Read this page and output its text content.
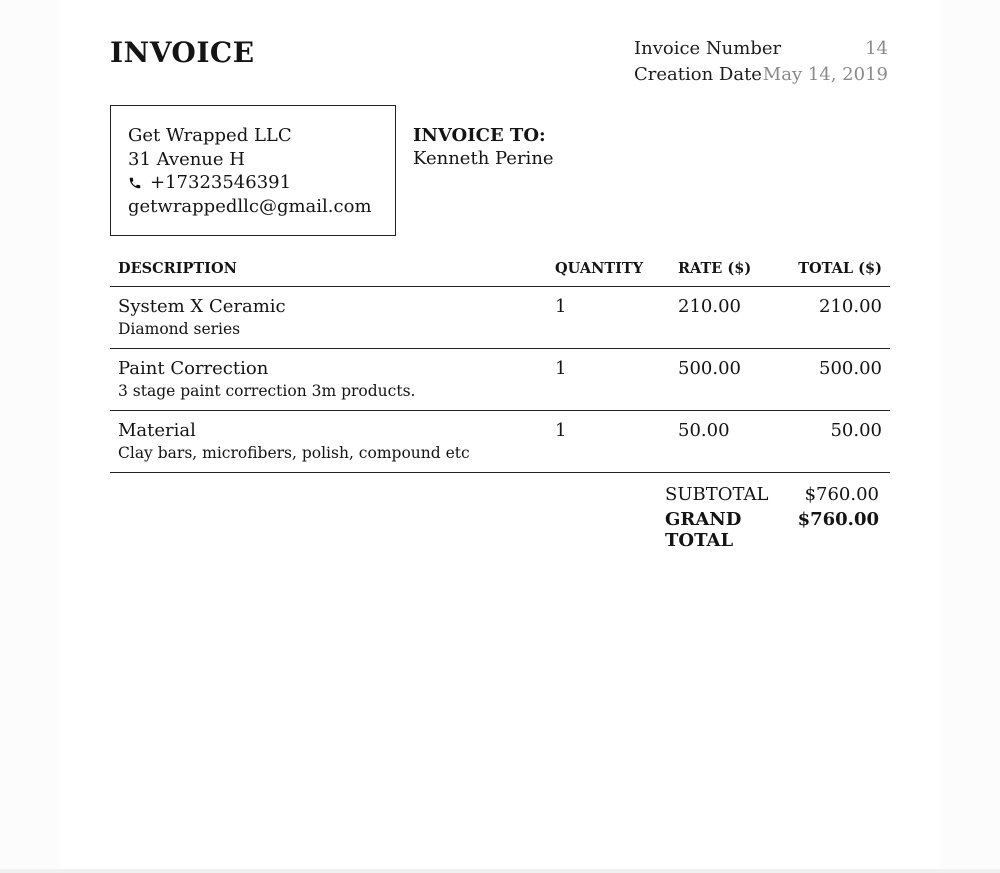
INVOICE	Invoice Number	14
Creation Date May 14, 2019
Get Wrapped LLC
31 Avenue H
+17323546391
getwrappedllc@gmail.com
INVOICE TO:
Kenneth Perine
DESCRIPTION	QUANTITY RATE ($)	TOTAL ($)
System X Ceramic
Diamond series
1	210.00	210.00
Paint Correction
3 stage paint correction 3m products.
1	500.00	500.00
Material
Clay bars, microfibers, polish, compound etc
1	50.00	50.00
SUBTOTAL $760.00
GRAND TOTAL
$760.00
